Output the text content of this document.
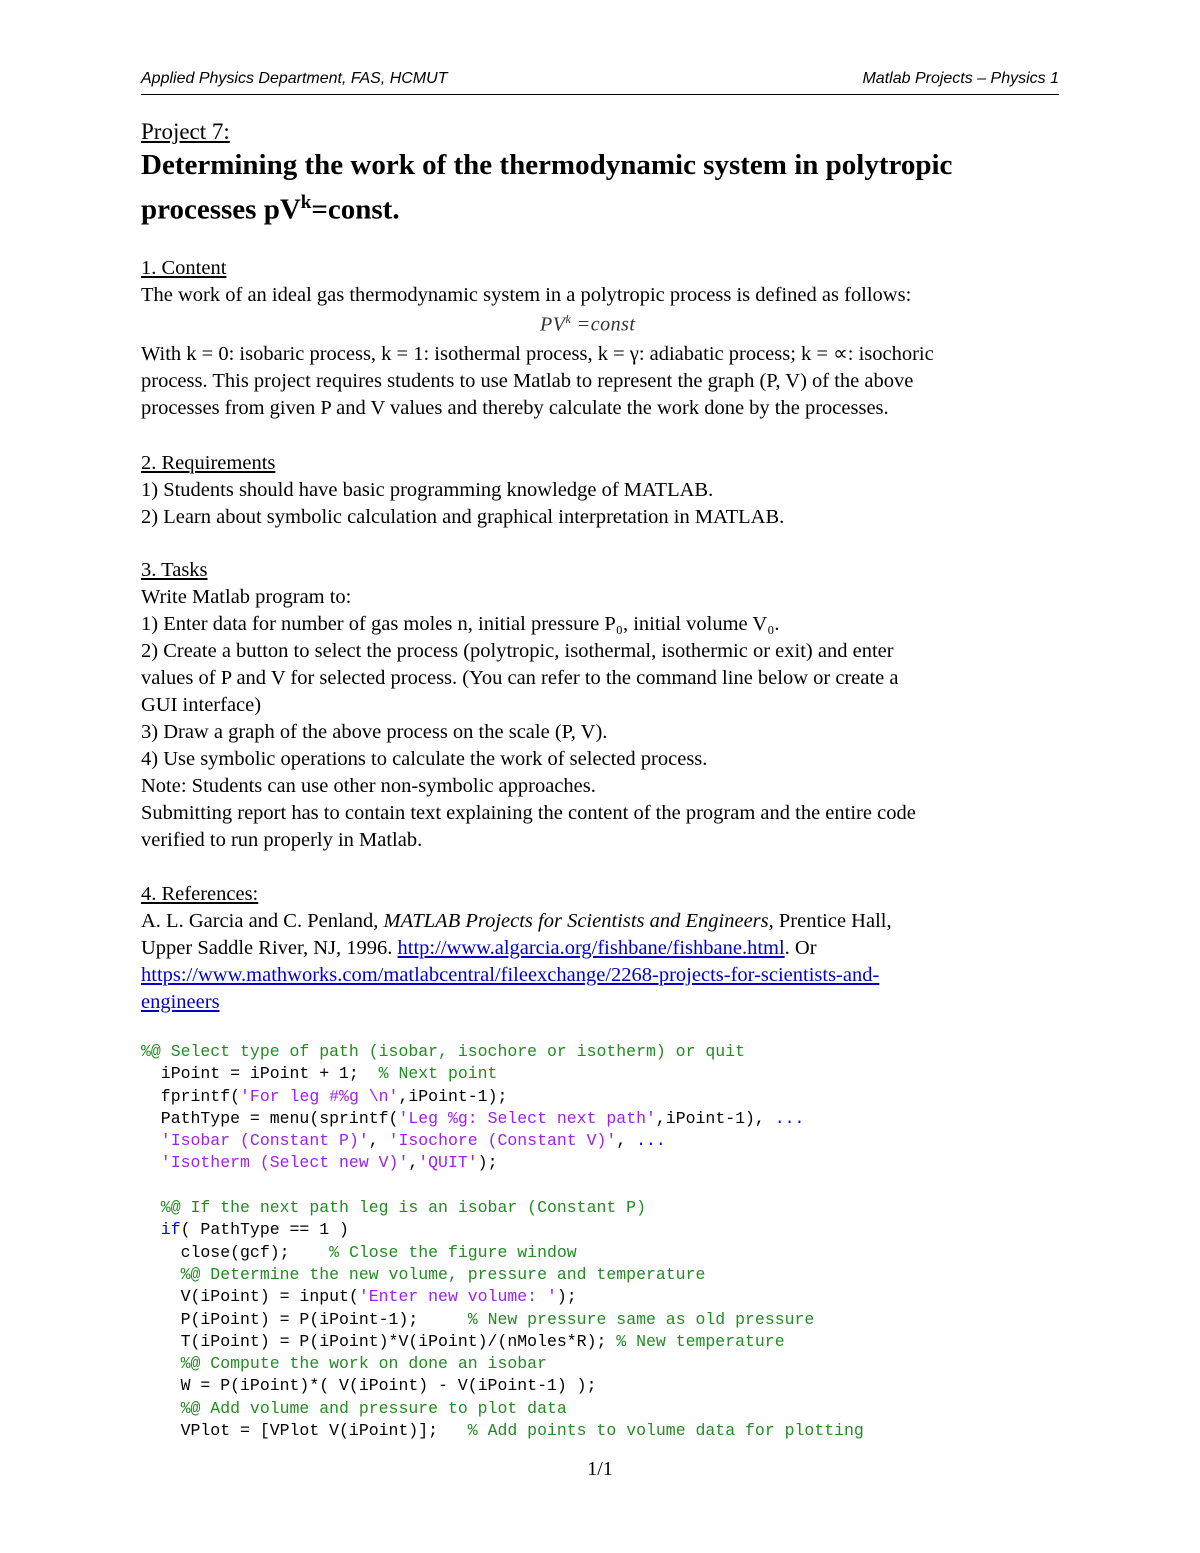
Applied Physics Department, FAS, HCMUT	Matlab Projects – Physics 1
Project 7:
Determining the work of the thermodynamic system in polytropic
processes $pV^k=const$.
1. Content
The work of an ideal gas thermodynamic system in a polytropic process is defined as follows:
$PV^k$ =const
With k = 0: isobaric process, k = 1: isothermal process, k = γ: adiabatic process; k = ∝: isochoric
process. This project requires students to use Matlab to represent the graph (P, V) of the above
processes from given P and V values and thereby calculate the work done by the processes.
2. Requirements
1) Students should have basic programming knowledge of MATLAB.
2) Learn about symbolic calculation and graphical interpretation in MATLAB.
3. Tasks
Write Matlab program to:
1) Enter data for number of gas moles n, initial pressure P₀, initial volume V₀.
2) Create a button to select the process (polytropic, isothermal, isothermic or exit) and enter
values of P and V for selected process. (You can refer to the command line below or create a
GUI interface)
3) Draw a graph of the above process on the scale (P, V).
4) Use symbolic operations to calculate the work of selected process.
Note: Students can use other non-symbolic approaches.
Submitting report has to contain text explaining the content of the program and the entire code
verified to run properly in Matlab.
4. References:
A. L. Garcia and C. Penland, MATLAB Projects for Scientists and Engineers, Prentice Hall,
Upper Saddle River, NJ, 1996. http://www.algarcia.org/fishbane/fishbane.html. Or
https://www.mathworks.com/matlabcentral/fileexchange/2268-projects-for-scientists-and-
engineers
%@ Select type of path (isobar, isochore or isotherm) or quit
iPoint = iPoint + 1;  % Next point
fprintf('For leg #%g \n',iPoint-1);
PathType = menu(sprintf('Leg %g: Select next path',iPoint-1), ...
'Isobar (Constant P)', 'Isochore (Constant V)', ...
'Isotherm (Select new V)','QUIT');

%@ If the next path leg is an isobar (Constant P)
if( PathType == 1 )
close(gcf);    % Close the figure window
%@ Determine the new volume, pressure and temperature
V(iPoint) = input('Enter new volume: ');
P(iPoint) = P(iPoint-1);     % New pressure same as old pressure
T(iPoint) = P(iPoint)*V(iPoint)/(nMoles*R); % New temperature
%@ Compute the work on done an isobar
W = P(iPoint)*( V(iPoint) - V(iPoint-1) );
%@ Add volume and pressure to plot data
VPlot = [VPlot V(iPoint)];   % Add points to volume data for plotting
1/1
